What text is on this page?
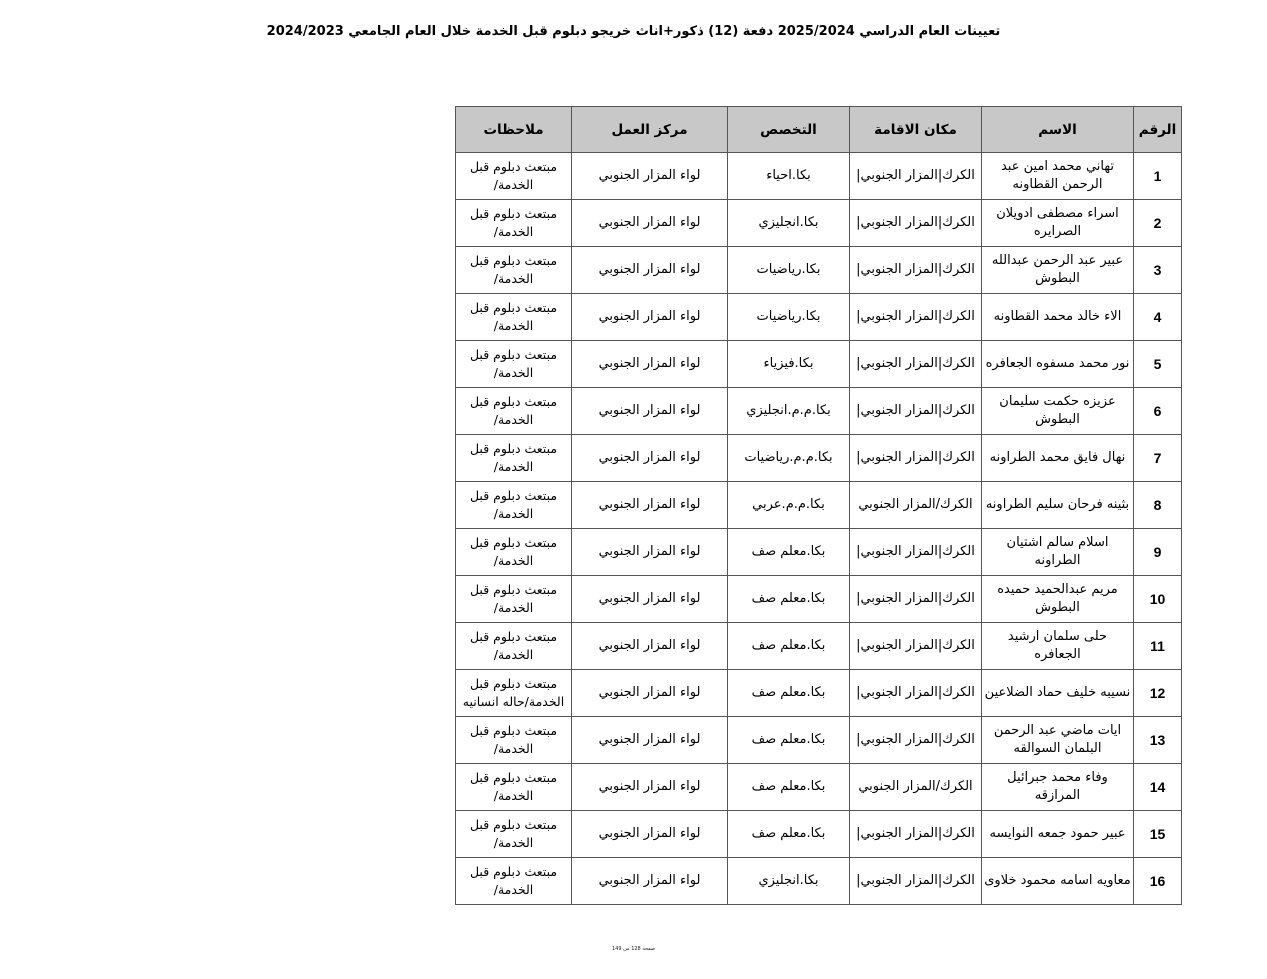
تعيينات العام الدراسي 2025/2024 دفعة (12) ذكور+اناث خريجو دبلوم قبل الخدمة خلال العام الجامعي 2024/2023
الرقم	الاسم	مكان الاقامة	التخصص	مركز العمل	ملاحظات
1	تهاني محمد امين عبد الرحمن القطاونه	الكرك|المزار الجنوبي|	بكا.احياء	لواء المزار الجنوبي	مبتعث دبلوم قبل الخدمة/
2	اسراء مصطفى ادويلان الصرايره	الكرك|المزار الجنوبي|	بكا.انجليزي	لواء المزار الجنوبي	مبتعث دبلوم قبل الخدمة/
3	عبير عبد الرحمن عبدالله البطوش	الكرك|المزار الجنوبي|	بكا.رياضيات	لواء المزار الجنوبي	مبتعث دبلوم قبل الخدمة/
4	الاء خالد محمد القطاونه	الكرك|المزار الجنوبي|	بكا.رياضيات	لواء المزار الجنوبي	مبتعث دبلوم قبل الخدمة/
5	نور محمد مسفوه الجعافره	الكرك|المزار الجنوبي|	بكا.فيزياء	لواء المزار الجنوبي	مبتعث دبلوم قبل الخدمة/
6	عزيزه حكمت سليمان البطوش	الكرك|المزار الجنوبي|	بكا.م.م.انجليزي	لواء المزار الجنوبي	مبتعث دبلوم قبل الخدمة/
7	نهال فايق محمد الطراونه	الكرك|المزار الجنوبي|	بكا.م.م.رياضيات	لواء المزار الجنوبي	مبتعث دبلوم قبل الخدمة/
8	بثينه فرحان سليم الطراونه	الكرك/المزار الجنوبي	بكا.م.م.عربي	لواء المزار الجنوبي	مبتعث دبلوم قبل الخدمة/
9	اسلام سالم اشتيان الطراونه	الكرك|المزار الجنوبي|	بكا.معلم صف	لواء المزار الجنوبي	مبتعث دبلوم قبل الخدمة/
10	مريم عبدالحميد حميده البطوش	الكرك|المزار الجنوبي|	بكا.معلم صف	لواء المزار الجنوبي	مبتعث دبلوم قبل الخدمة/
11	حلى سلمان ارشيد الجعافره	الكرك|المزار الجنوبي|	بكا.معلم صف	لواء المزار الجنوبي	مبتعث دبلوم قبل الخدمة/
12	نسيبه خليف حماد الضلاعين	الكرك|المزار الجنوبي|	بكا.معلم صف	لواء المزار الجنوبي	مبتعث دبلوم قبل الخدمة/حاله انسانيه
13	ايات ماضي عبد الرحمن البلمان السوالقه	الكرك|المزار الجنوبي|	بكا.معلم صف	لواء المزار الجنوبي	مبتعث دبلوم قبل الخدمة/
14	وفاء محمد جبرائيل المرازقه	الكرك/المزار الجنوبي	بكا.معلم صف	لواء المزار الجنوبي	مبتعث دبلوم قبل الخدمة/
15	عبير حمود جمعه النوايسه	الكرك|المزار الجنوبي|	بكا.معلم صف	لواء المزار الجنوبي	مبتعث دبلوم قبل الخدمة/
16	معاويه اسامه محمود خلاوى	الكرك|المزار الجنوبي|	بكا.انجليزي	لواء المزار الجنوبي	مبتعث دبلوم قبل الخدمة/
صفحة 128 من 149
